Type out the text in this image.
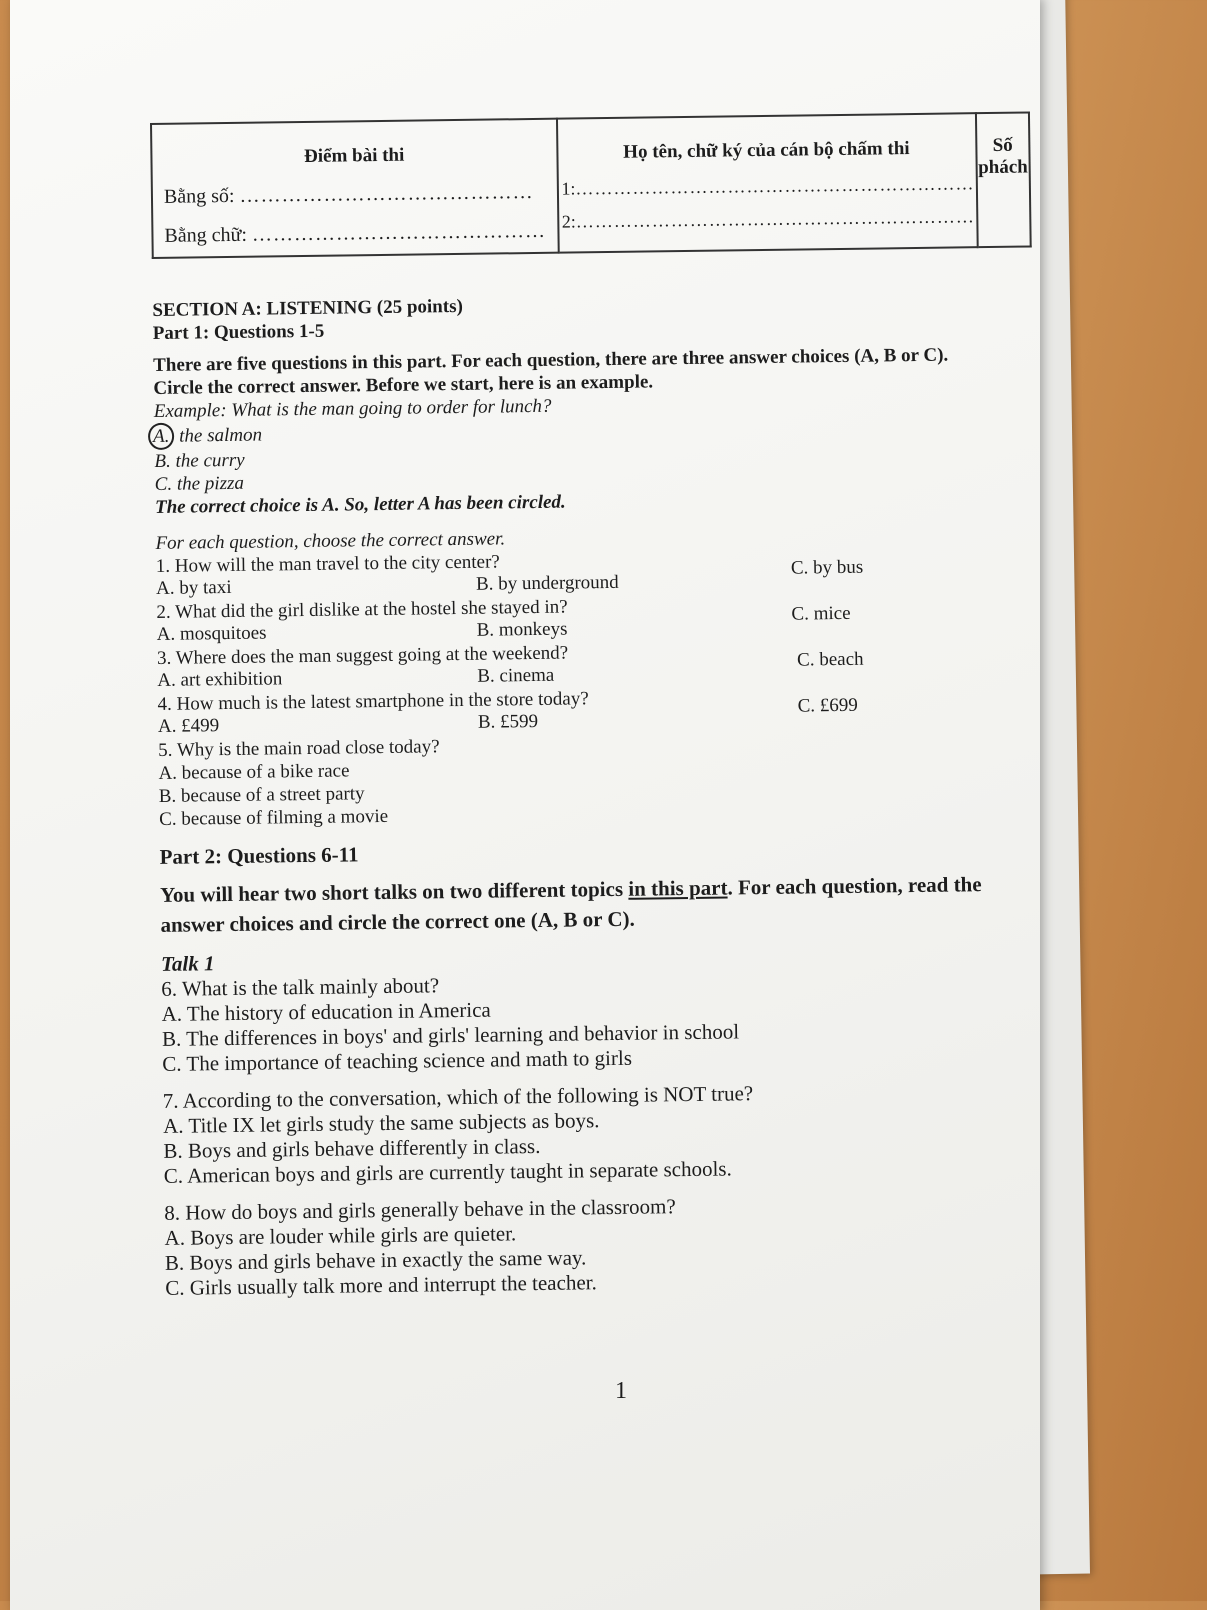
Điểm bài thi
Bằng số: ……………………………………
Bằng chữ: ……………………………………

Họ tên, chữ ký của cán bộ chấm thi
1:………………………………………………………
2:………………………………………………………

Số phách
SECTION A: LISTENING (25 points)
Part 1: Questions 1-5
There are five questions in this part. For each question, there are three answer choices (A, B or C). Circle the correct answer. Before we start, here is an example.
Example: What is the man going to order for lunch?
A. the salmon
B. the curry
C. the pizza
The correct choice is A. So, letter A has been circled.
For each question, choose the correct answer.
1. How will the man travel to the city center?
A. by taxi	B. by underground
C. by bus
2. What did the girl dislike at the hostel she stayed in?
A. mosquitoes	B. monkeys
C. mice
3. Where does the man suggest going at the weekend?
A. art exhibition	B. cinema
C. beach
4. How much is the latest smartphone in the store today?
A. £499	B. £599
C. £699
5. Why is the main road close today?
A. because of a bike race
B. because of a street party
C. because of filming a movie
Part 2: Questions 6-11
You will hear two short talks on two different topics in this part. For each question, read the answer choices and circle the correct one (A, B or C).
Talk 1
6. What is the talk mainly about?
A. The history of education in America
B. The differences in boys' and girls' learning and behavior in school
C. The importance of teaching science and math to girls
7. According to the conversation, which of the following is NOT true?
A. Title IX let girls study the same subjects as boys.
B. Boys and girls behave differently in class.
C. American boys and girls are currently taught in separate schools.
8. How do boys and girls generally behave in the classroom?
A. Boys are louder while girls are quieter.
B. Boys and girls behave in exactly the same way.
C. Girls usually talk more and interrupt the teacher.
1
